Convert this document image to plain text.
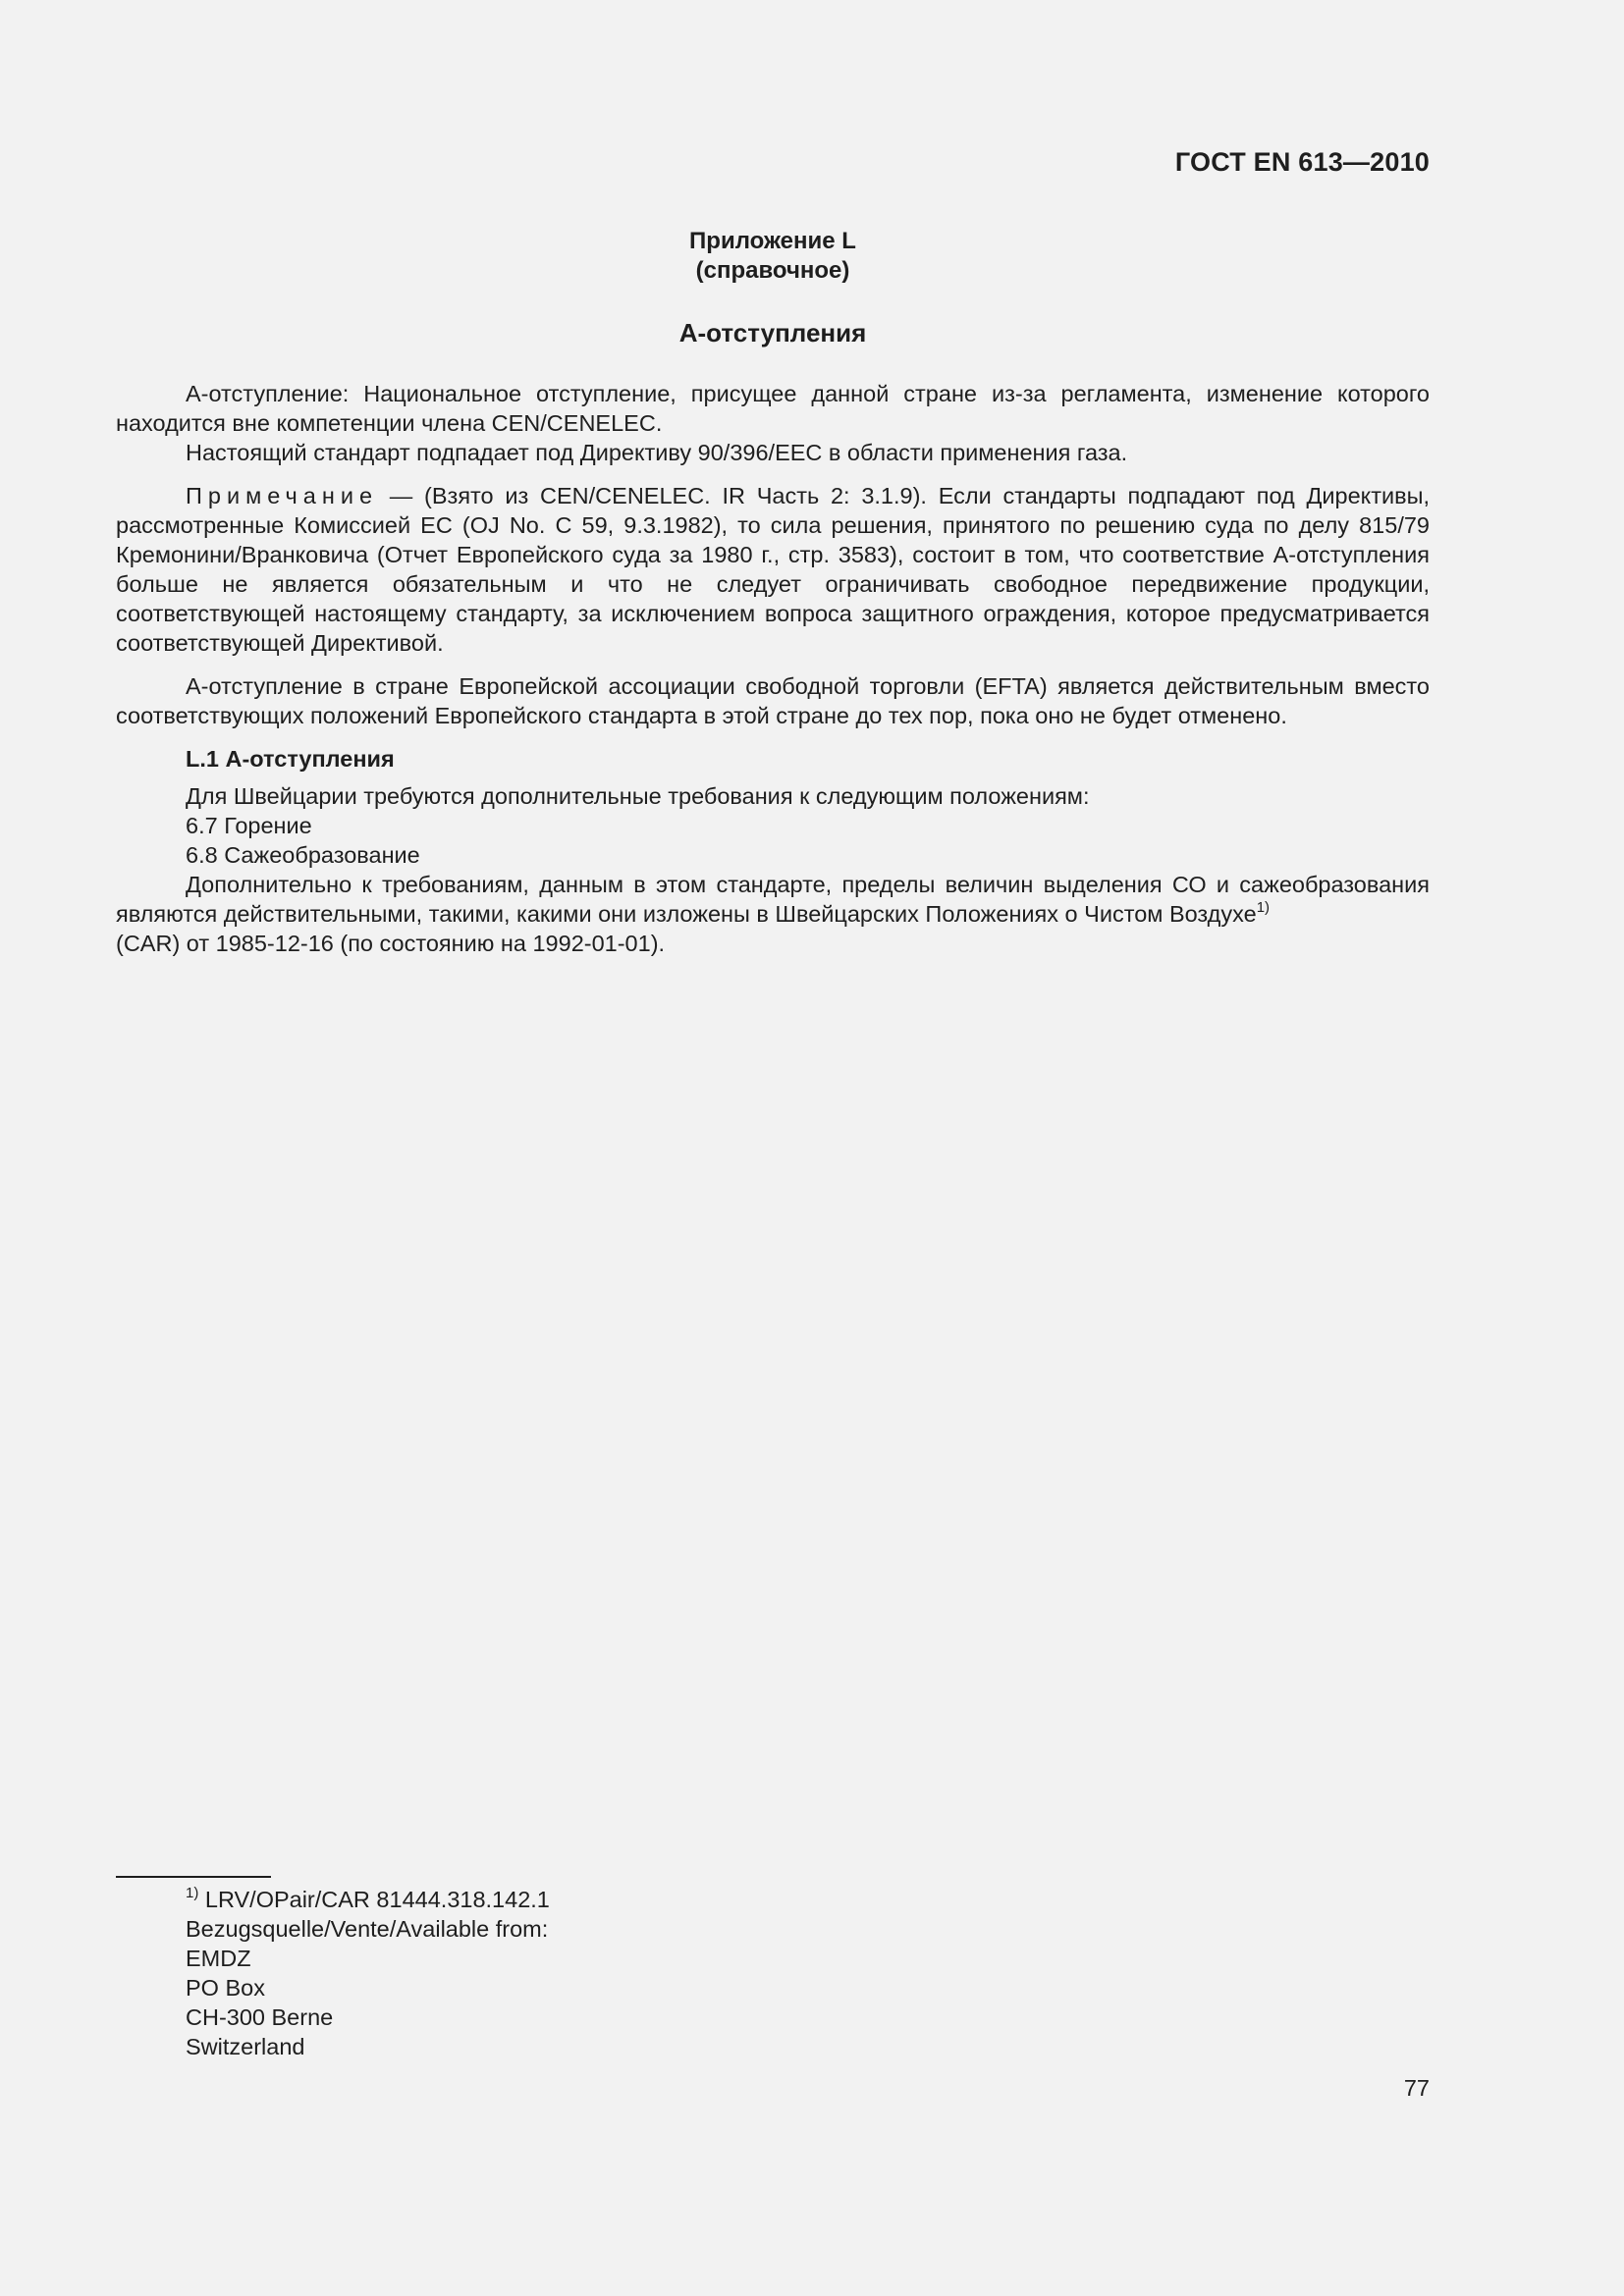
ГОСТ EN 613—2010
Приложение L
(справочное)
А-отступления

А-отступление: Национальное отступление, присущее данной стране из-за регламента, изменение которого находится вне компетенции члена CEN/CENELEC.

Настоящий стандарт подпадает под Директиву 90/396/EEC в области применения газа.

Примечание — (Взято из CEN/CENELEC. IR Часть 2: 3.1.9). Если стандарты подпадают под Директивы, рассмотренные Комиссией ЕС (OJ No. C 59, 9.3.1982), то сила решения, принятого по решению суда по делу 815/79 Кремонини/Вранковича (Отчет Европейского суда за 1980 г., стр. 3583), состоит в том, что соответствие А-отступления больше не является обязательным и что не следует ограничивать свободное передвижение продукции, соответствующей настоящему стандарту, за исключением вопроса защитного ограждения, которое предусматривается соответствующей Директивой.

А-отступление в стране Европейской ассоциации свободной торговли (EFTA) является действительным вместо соответствующих положений Европейского стандарта в этой стране до тех пор, пока оно не будет отменено.

L.1 А-отступления

Для Швейцарии требуются дополнительные требования к следующим положениям:

6.7 Горение

6.8 Сажеобразование

Дополнительно к требованиям, данным в этом стандарте, пределы величин выделения СО и сажеобразования являются действительными, такими, какими они изложены в Швейцарских Положениях о Чистом Воздухе$^{1)}$
(CAR) от 1985-12-16 (по состоянию на 1992-01-01).

$^{1)}$ LRV/OPair/CAR 81444.318.142.1
Bezugsquelle/Vente/Available from:
EMDZ
PO Box
CH-300 Berne
Switzerland
77
